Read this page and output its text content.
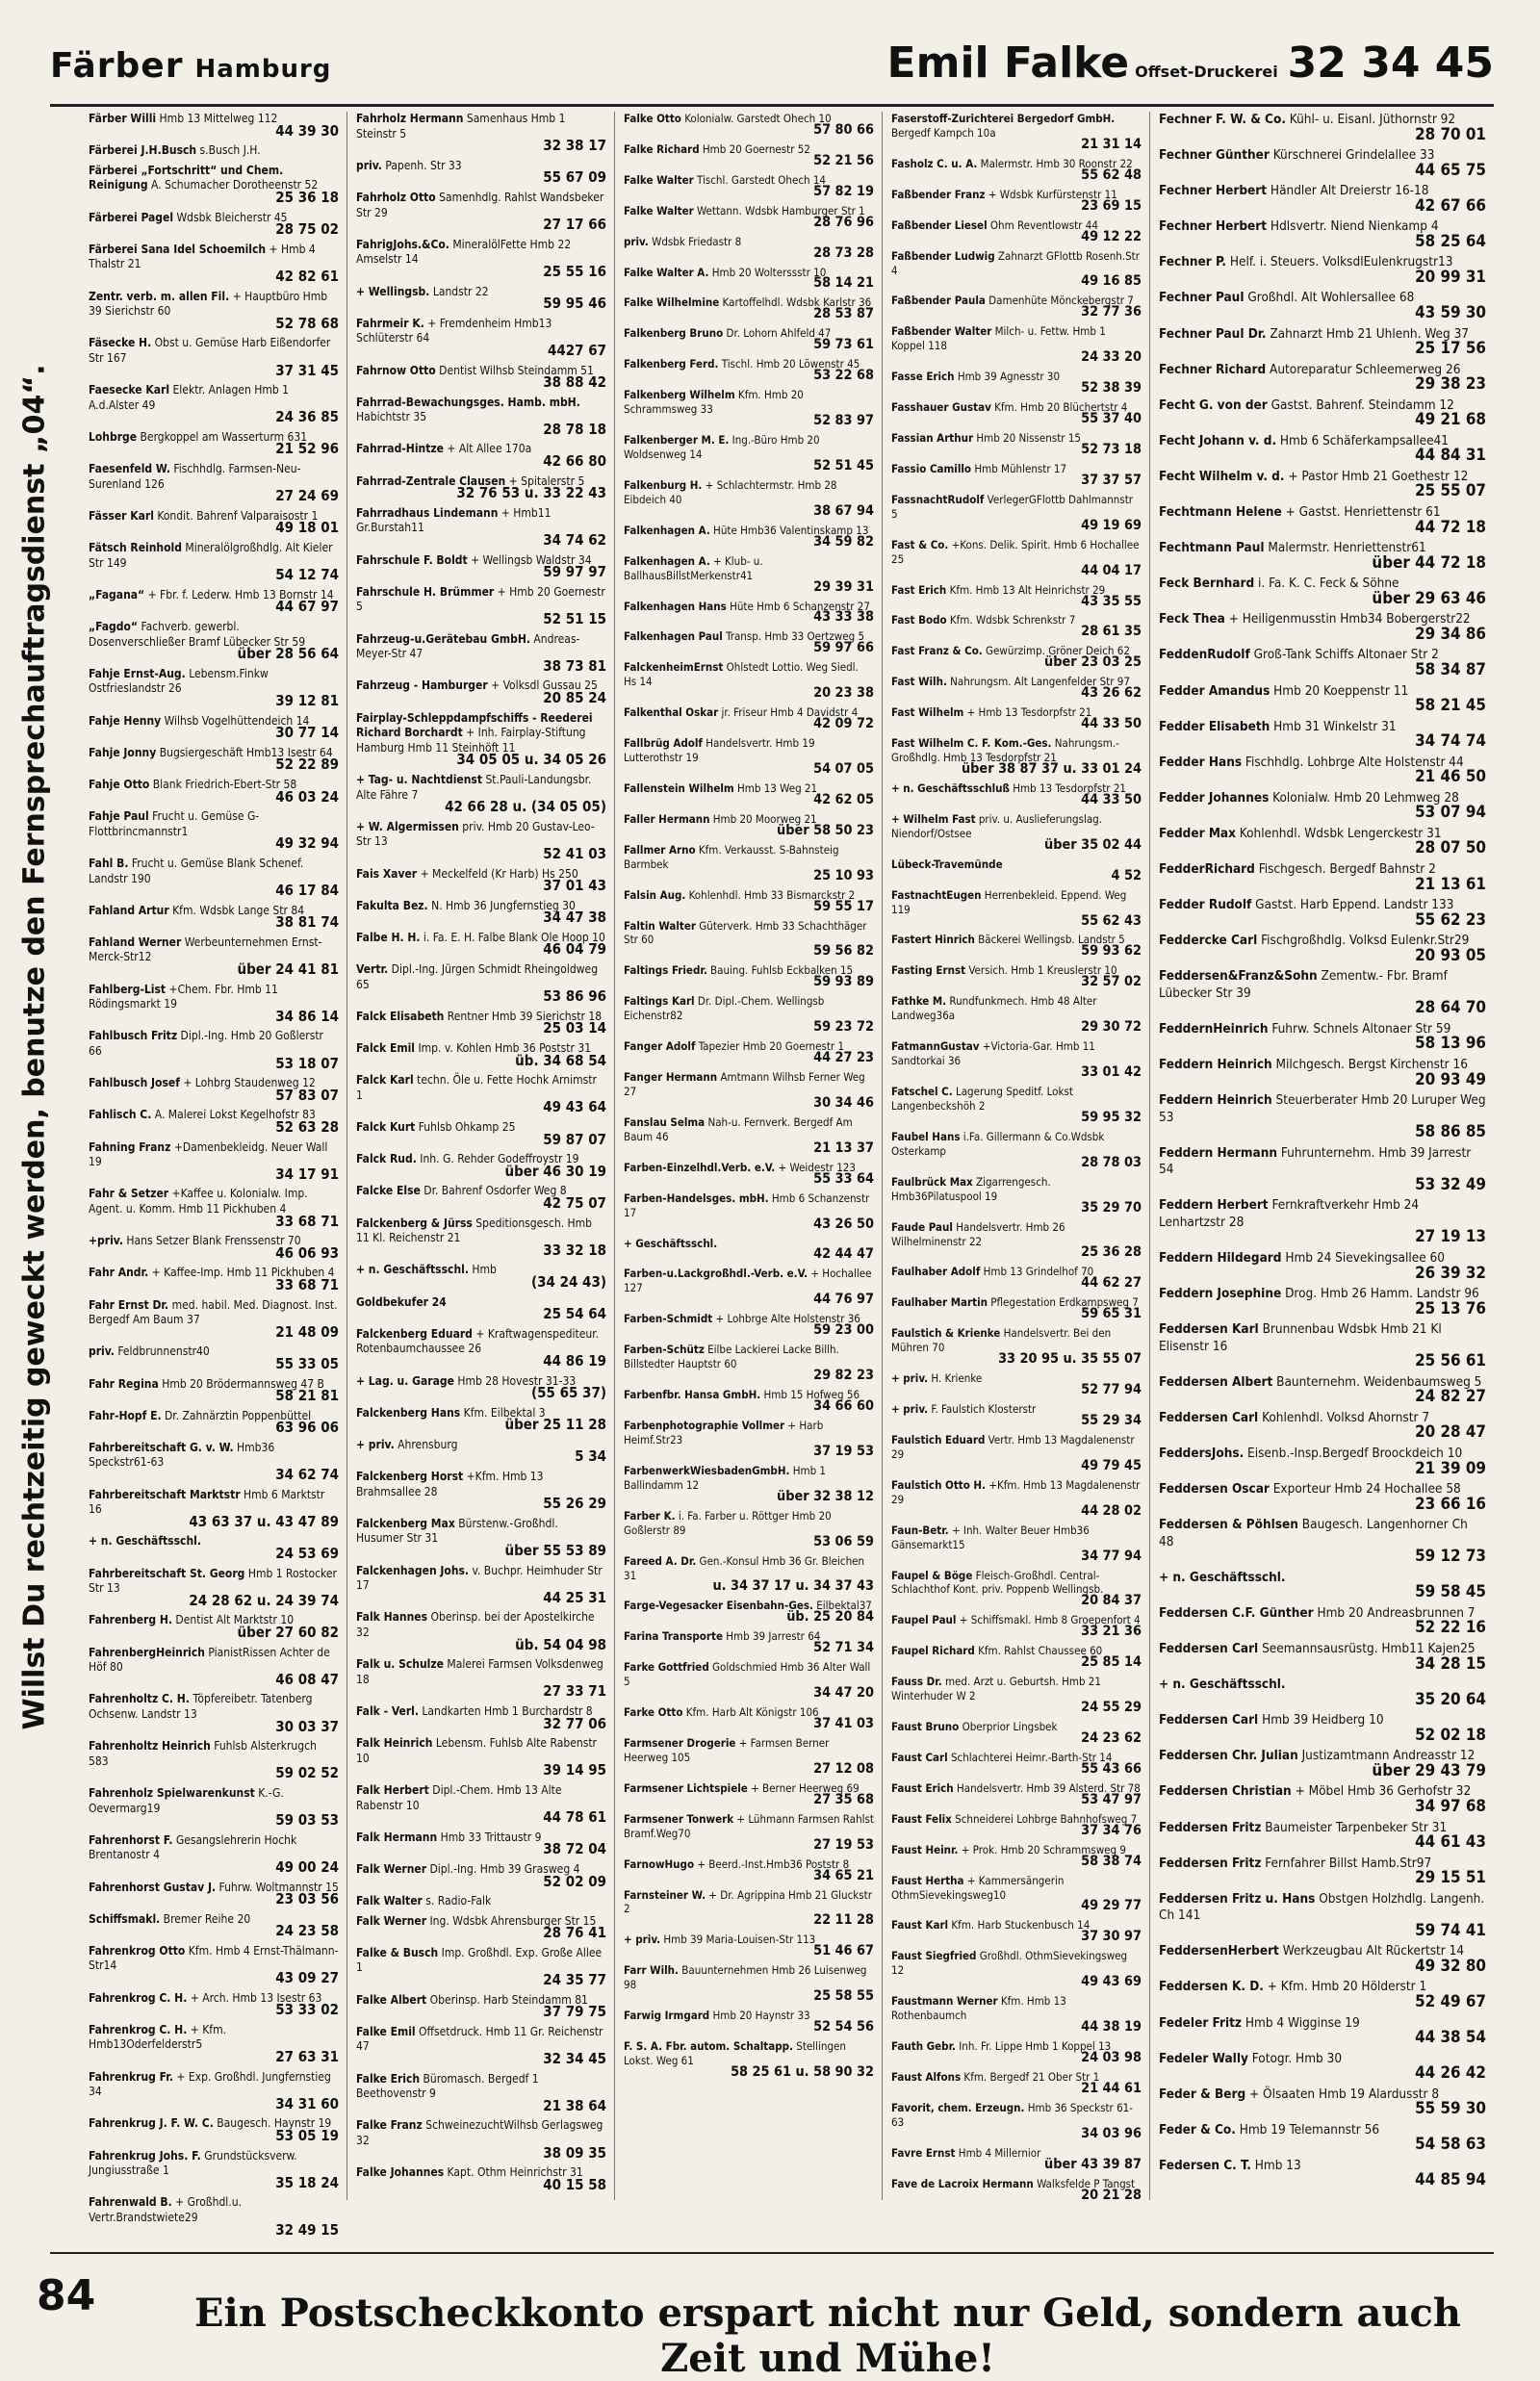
Färber Hamburg	Emil Falke Offset-Druckerei 32 34 45
Willst Du rechtzeitig geweckt werden, benutze den Fernsprechauftragsdienst „04“.
Färber Willi Hmb 13 Mittelweg 112

44 39 30
Färberei J.H.Busch s.Busch J.H.
Färberei „Fortschritt“ und Chem. Reinigung A. Schumacher Dorotheenstr 52

25 36 18
Färberei Pagel Wdsbk Bleicherstr 45

28 75 02
Färberei Sana Idel Schoemilch + Hmb 4 Thalstr 21

42 82 61
Zentr. verb. m. allen Fil. + Hauptbüro Hmb 39 Sierichstr 60

52 78 68
Fäsecke H. Obst u. Gemüse Harb Eißendorfer Str 167

37 31 45
Faesecke Karl Elektr. Anlagen Hmb 1 A.d.Alster 49

24 36 85
Lohbrge Bergkoppel am Wasserturm 631

21 52 96
Faesenfeld W. Fischhdlg. Farmsen-Neu-Surenland 126

27 24 69
Fässer Karl Kondit. Bahrenf Valparaisostr 1

49 18 01
Fätsch Reinhold Mineralölgroßhdlg. Alt Kieler Str 149

54 12 74
„Fagana“ + Fbr. f. Lederw. Hmb 13 Bornstr 14

44 67 97
„Fagdo“ Fachverb. gewerbl. Dosenverschließer Bramf Lübecker Str 59

über 28 56 64
Fahje Ernst-Aug. Lebensm.Finkw Ostfrieslandstr 26

39 12 81
Fahje Henny Wilhsb Vogelhüttendeich 14

30 77 14
Fahje Jonny Bugsiergeschäft Hmb13 Isestr 64

52 22 89
Fahje Otto Blank Friedrich-Ebert-Str 58

46 03 24
Fahje Paul Frucht u. Gemüse G-Flottbrincmannstr1

49 32 94
Fahl B. Frucht u. Gemüse Blank Schenef. Landstr 190

46 17 84
Fahland Artur Kfm. Wdsbk Lange Str 84

38 81 74
Fahland Werner Werbeunternehmen Ernst-Merck-Str12

über 24 41 81
Fahlberg-List +Chem. Fbr. Hmb 11 Rödingsmarkt 19

34 86 14
Fahlbusch Fritz Dipl.-Ing. Hmb 20 Goßlerstr 66

53 18 07
Fahlbusch Josef + Lohbrg Staudenweg 12

57 83 07
Fahlisch C. A. Malerei Lokst Kegelhofstr 83

52 63 28
Fahning Franz +Damenbekleidg. Neuer Wall 19

34 17 91
Fahr & Setzer +Kaffee u. Kolonialw. Imp. Agent. u. Komm. Hmb 11 Pickhuben 4

33 68 71
+priv. Hans Setzer Blank Frenssenstr 70

46 06 93
Fahr Andr. + Kaffee-Imp. Hmb 11 Pickhuben 4

33 68 71
Fahr Ernst Dr. med. habil. Med. Diagnost. Inst. Bergedf Am Baum 37

21 48 09
priv. Feldbrunnenstr40

55 33 05
Fahr Regina Hmb 20 Brödermannsweg 47 B

58 21 81
Fahr-Hopf E. Dr. Zahnärztin Poppenbüttel

63 96 06
Fahrbereitschaft G. v. W. Hmb36 Speckstr61-63

34 62 74
Fahrbereitschaft Marktstr Hmb 6 Marktstr 16

43 63 37 u. 43 47 89
+ n. Geschäftsschl.

24 53 69
Fahrbereitschaft St. Georg Hmb 1 Rostocker Str 13

24 28 62 u. 24 39 74
Fahrenberg H. Dentist Alt Marktstr 10

über 27 60 82
FahrenbergHeinrich PianistRissen Achter de Höf 80

46 08 47
Fahrenholtz C. H. Töpfereibetr. Tatenberg Ochsenw. Landstr 13

30 03 37
Fahrenholtz Heinrich Fuhlsb Alsterkrugch 583

59 02 52
Fahrenholz Spielwarenkunst K.-G. Oevermarg19

59 03 53
Fahrenhorst F. Gesangslehrerin Hochk Brentanostr 4

49 00 24
Fahrenhorst Gustav J. Fuhrw. Woltmannstr 15

23 03 56
Schiffsmakl. Bremer Reihe 20

24 23 58
Fahrenkrog Otto Kfm. Hmb 4 Ernst-Thälmann-Str14

43 09 27
Fahrenkrog C. H. + Arch. Hmb 13 Isestr 63

53 33 02
Fahrenkrog C. H. + Kfm. Hmb13Oderfelderstr5

27 63 31
Fahrenkrug Fr. + Exp. Großhdl. Jungfernstieg 34

34 31 60
Fahrenkrug J. F. W. C. Baugesch. Haynstr 19

53 05 19
Fahrenkrug Johs. F. Grundstücksverw. Jungiusstraße 1

35 18 24
Fahrenwald B. + Großhdl.u. Vertr.Brandstwiete29

32 49 15
Fahrholz Hermann Samenhaus Hmb 1 Steinstr 5

32 38 17
priv. Papenh. Str 33

55 67 09
Fahrholz Otto Samenhdlg. Rahlst Wandsbeker Str 29

27 17 66
FahrigJohs.&Co. MineralölFette Hmb 22 Amselstr 14

25 55 16
+ Wellingsb. Landstr 22

59 95 46
Fahrmeir K. + Fremdenheim Hmb13 Schlüterstr 64

4427 67
Fahrnow Otto Dentist Wilhsb Steindamm 51

38 88 42
Fahrrad-Bewachungsges. Hamb. mbH. Habichtstr 35

28 78 18
Fahrrad-Hintze + Alt Allee 170a

42 66 80
Fahrrad-Zentrale Clausen + Spitalerstr 5

32 76 53 u. 33 22 43
Fahrradhaus Lindemann + Hmb11 Gr.Burstah11

34 74 62
Fahrschule F. Boldt + Wellingsb Waldstr 34

59 97 97
Fahrschule H. Brümmer + Hmb 20 Goernestr 5

52 51 15
Fahrzeug-u.Gerätebau GmbH. Andreas-Meyer-Str 47

38 73 81
Fahrzeug - Hamburger + Volksdl Gussau 25

20 85 24
Fairplay-Schleppdampfschiffs - Reederei Richard Borchardt + Inh. Fairplay-Stiftung Hamburg Hmb 11 Steinhöft 11

34 05 05 u. 34 05 26
+ Tag- u. Nachtdienst St.Pauli-Landungsbr. Alte Fähre 7

42 66 28 u. (34 05 05)
+ W. Algermissen priv. Hmb 20 Gustav-Leo-Str 13

52 41 03
Fais Xaver + Meckelfeld (Kr Harb) Hs 250

37 01 43
Fakulta Bez. N. Hmb 36 Jungfernstieg 30

34 47 38
Falbe H. H. i. Fa. E. H. Falbe Blank Ole Hoop 10

46 04 79
Vertr. Dipl.-Ing. Jürgen Schmidt Rheingoldweg 65

53 86 96
Falck Elisabeth Rentner Hmb 39 Sierichstr 18

25 03 14
Falck Emil Imp. v. Kohlen Hmb 36 Poststr 31

üb. 34 68 54
Falck Karl techn. Öle u. Fette Hochk Arnimstr 1

49 43 64
Falck Kurt Fuhlsb Ohkamp 25

59 87 07
Falck Rud. Inh. G. Rehder Godeffroystr 19

über 46 30 19
Falcke Else Dr. Bahrenf Osdorfer Weg 8

42 75 07
Falckenberg & Jürss Speditionsgesch. Hmb 11 Kl. Reichenstr 21

33 32 18
+ n. Geschäftsschl. Hmb

(34 24 43)
Goldbekufer 24

25 54 64
Falckenberg Eduard + Kraftwagenspediteur. Rotenbaumchaussee 26

44 86 19
+ Lag. u. Garage Hmb 28 Hovestr 31-33

(55 65 37)
Falckenberg Hans Kfm. Eilbektal 3

über 25 11 28
+ priv. Ahrensburg

5 34
Falckenberg Horst +Kfm. Hmb 13 Brahmsallee 28

55 26 29
Falckenberg Max Bürstenw.-Großhdl. Husumer Str 31

über 55 53 89
Falckenhagen Johs. v. Buchpr. Heimhuder Str 17

44 25 31
Falk Hannes Oberinsp. bei der Apostelkirche 32

üb. 54 04 98
Falk u. Schulze Malerei Farmsen Volksdenweg 18

27 33 71
Falk - Verl. Landkarten Hmb 1 Burchardstr 8

32 77 06
Falk Heinrich Lebensm. Fuhlsb Alte Rabenstr 10

39 14 95
Falk Herbert Dipl.-Chem. Hmb 13 Alte Rabenstr 10

44 78 61
Falk Hermann Hmb 33 Trittaustr 9

38 72 04
Falk Werner Dipl.-Ing. Hmb 39 Grasweg 4

52 02 09
Falk Walter s. Radio-Falk
Falk Werner Ing. Wdsbk Ahrensburger Str 15

28 76 41
Falke & Busch Imp. Großhdl. Exp. Große Allee 1

24 35 77
Falke Albert Oberinsp. Harb Steindamm 81

37 79 75
Falke Emil Offsetdruck. Hmb 11 Gr. Reichenstr 47

32 34 45
Falke Erich Büromasch. Bergedf 1 Beethovenstr 9

21 38 64
Falke Franz SchweinezuchtWilhsb Gerlagsweg 32

38 09 35
Falke Johannes Kapt. Othm Heinrichstr 31

40 15 58
Falke Otto Kolonialw. Garstedt Ohech 10

57 80 66
Falke Richard Hmb 20 Goernestr 52

52 21 56
Falke Walter Tischl. Garstedt Ohech 14

57 82 19
Falke Walter Wettann. Wdsbk Hamburger Str 1

28 76 96
priv. Wdsbk Friedastr 8

28 73 28
Falke Walter A. Hmb 20 Wolterssstr 10

58 14 21
Falke Wilhelmine Kartoffelhdl. Wdsbk Karlstr 36

28 53 87
Falkenberg Bruno Dr. Lohorn Ahlfeld 47

59 73 61
Falkenberg Ferd. Tischl. Hmb 20 Löwenstr 45

53 22 68
Falkenberg Wilhelm Kfm. Hmb 20 Schrammsweg 33

52 83 97
Falkenberger M. E. Ing.-Büro Hmb 20 Woldsenweg 14

52 51 45
Falkenburg H. + Schlachtermstr. Hmb 28 Eibdeich 40

38 67 94
Falkenhagen A. Hüte Hmb36 Valentinskamp 13

34 59 82
Falkenhagen A. + Klub- u. BallhausBillstMerkenstr41

29 39 31
Falkenhagen Hans Hüte Hmb 6 Schanzenstr 27

43 33 38
Falkenhagen Paul Transp. Hmb 33 Oertzweg 5

59 97 66
FalckenheimErnst Ohlstedt Lottio. Weg Siedl. Hs 14

20 23 38
Falkenthal Oskar jr. Friseur Hmb 4 Davidstr 4

42 09 72
Fallbrüg Adolf Handelsvertr. Hmb 19 Lutterothstr 19

54 07 05
Fallenstein Wilhelm Hmb 13 Weg 21

42 62 05
Faller Hermann Hmb 20 Moorweg 21

über 58 50 23
Fallmer Arno Kfm. Verkausst. S-Bahnsteig Barmbek

25 10 93
Falsin Aug. Kohlenhdl. Hmb 33 Bismarckstr 2

59 55 17
Faltin Walter Güterverk. Hmb 33 Schachthäger Str 60

59 56 82
Faltings Friedr. Bauing. Fuhlsb Eckbalken 15

59 93 89
Faltings Karl Dr. Dipl.-Chem. Wellingsb Eichenstr82

59 23 72
Fanger Adolf Tapezier Hmb 20 Goernestr 1

44 27 23
Fanger Hermann Amtmann Wilhsb Ferner Weg 27

30 34 46
Fanslau Selma Nah-u. Fernverk. Bergedf Am Baum 46

21 13 37
Farben-Einzelhdl.Verb. e.V. + Weidestr 123

55 33 64
Farben-Handelsges. mbH. Hmb 6 Schanzenstr 17

43 26 50
+ Geschäftsschl.

42 44 47
Farben-u.Lackgroßhdl.-Verb. e.V. + Hochallee 127

44 76 97
Farben-Schmidt + Lohbrge Alte Holstenstr 36

59 23 00
Farben-Schütz Eilbe Lackierei Lacke Billh. Billstedter Hauptstr 60

29 82 23
Farbenfbr. Hansa GmbH. Hmb 15 Hofweg 56

34 66 60
Farbenphotographie Vollmer + Harb Heimf.Str23

37 19 53
FarbenwerkWiesbadenGmbH. Hmb 1 Ballindamm 12

über 32 38 12
Farber K. i. Fa. Farber u. Röttger Hmb 20 Goßlerstr 89

53 06 59
Fareed A. Dr. Gen.-Konsul Hmb 36 Gr. Bleichen 31

u. 34 37 17 u. 34 37 43
Farge-Vegesacker Eisenbahn-Ges. Eilbektal37

üb. 25 20 84
Farina Transporte Hmb 39 Jarrestr 64

52 71 34
Farke Gottfried Goldschmied Hmb 36 Alter Wall 5

34 47 20
Farke Otto Kfm. Harb Alt Königstr 106

37 41 03
Farmsener Drogerie + Farmsen Berner Heerweg 105

27 12 08
Farmsener Lichtspiele + Berner Heerweg 69

27 35 68
Farmsener Tonwerk + Lühmann Farmsen Rahlst Bramf.Weg70

27 19 53
FarnowHugo + Beerd.-Inst.Hmb36 Poststr 8

34 65 21
Farnsteiner W. + Dr. Agrippina Hmb 21 Gluckstr 2

22 11 28
+ priv. Hmb 39 Maria-Louisen-Str 113

51 46 67
Farr Wilh. Bauunternehmen Hmb 26 Luisenweg 98

25 58 55
Farwig Irmgard Hmb 20 Haynstr 33

52 54 56
F. S. A. Fbr. autom. Schaltapp. Stellingen Lokst. Weg 61

58 25 61 u. 58 90 32
Faserstoff-Zurichterei Bergedorf GmbH. Bergedf Kampch 10a

21 31 14
Fasholz C. u. A. Malermstr. Hmb 30 Roonstr 22

55 62 48
Faßbender Franz + Wdsbk Kurfürstenstr 11

23 69 15
Faßbender Liesel Ohm Reventlowstr 44

49 12 22
Faßbender Ludwig Zahnarzt GFlottb Rosenh.Str 4

49 16 85
Faßbender Paula Damenhüte Mönckebergstr 7

32 77 36
Faßbender Walter Milch- u. Fettw. Hmb 1 Koppel 118

24 33 20
Fasse Erich Hmb 39 Agnesstr 30

52 38 39
Fasshauer Gustav Kfm. Hmb 20 Blüchertstr 4

55 37 40
Fassian Arthur Hmb 20 Nissenstr 15

52 73 18
Fassio Camillo Hmb Mühlenstr 17

37 37 57
FassnachtRudolf VerlegerGFlottb Dahlmannstr 5

49 19 69
Fast & Co. +Kons. Delik. Spirit. Hmb 6 Hochallee 25

44 04 17
Fast Erich Kfm. Hmb 13 Alt Heinrichstr 29

43 35 55
Fast Bodo Kfm. Wdsbk Schrenkstr 7

28 61 35
Fast Franz & Co. Gewürzimp. Gröner Deich 62

über 23 03 25
Fast Wilh. Nahrungsm. Alt Langenfelder Str 97

43 26 62
Fast Wilhelm + Hmb 13 Tesdorpfstr 21

44 33 50
Fast Wilhelm C. F. Kom.-Ges. Nahrungsm.-Großhdlg. Hmb 13 Tesdorpfstr 21

über 38 87 37 u. 33 01 24
+ n. Geschäftsschluß Hmb 13 Tesdorpfstr 21

44 33 50
+ Wilhelm Fast priv. u. Auslieferungslag. Niendorf/Ostsee

über 35 02 44
Lübeck-Travemünde

4 52
FastnachtEugen Herrenbekleid. Eppend. Weg 119

55 62 43
Fastert Hinrich Bäckerei Wellingsb. Landstr 5

59 93 62
Fasting Ernst Versich. Hmb 1 Kreuslerstr 10

32 57 02
Fathke M. Rundfunkmech. Hmb 48 Alter Landweg36a

29 30 72
FatmannGustav +Victoria-Gar. Hmb 11 Sandtorkai 36

33 01 42
Fatschel C. Lagerung Speditf. Lokst Langenbeckshöh 2

59 95 32
Faubel Hans i.Fa. Gillermann & Co.Wdsbk Osterkamp

28 78 03
Faulbrück Max Zigarrengesch. Hmb36Pilatuspool 19

35 29 70
Faude Paul Handelsvertr. Hmb 26 Wilhelminenstr 22

25 36 28
Faulhaber Adolf Hmb 13 Grindelhof 70

44 62 27
Faulhaber Martin Pflegestation Erdkampsweg 7

59 65 31
Faulstich & Krienke Handelsvertr. Bei den Mühren 70

33 20 95 u. 35 55 07
+ priv. H. Krienke

52 77 94
+ priv. F. Faulstich Klosterstr

55 29 34
Faulstich Eduard Vertr. Hmb 13 Magdalenenstr 29

49 79 45
Faulstich Otto H. +Kfm. Hmb 13 Magdalenenstr 29

44 28 02
Faun-Betr. + Inh. Walter Beuer Hmb36 Gänsemarkt15

34 77 94
Faupel & Böge Fleisch-Großhdl. Central-Schlachthof Kont. priv. Poppenb Wellingsb.

20 84 37
Faupel Paul + Schiffsmakl. Hmb 8 Groepenfort 4

33 21 36
Faupel Richard Kfm. Rahlst Chaussee 60

25 85 14
Fauss Dr. med. Arzt u. Geburtsh. Hmb 21 Winterhuder W 2

24 55 29
Faust Bruno Oberprior Lingsbek

24 23 62
Faust Carl Schlachterei Heimr.-Barth-Str 14

55 43 66
Faust Erich Handelsvertr. Hmb 39 Alsterd. Str 78

53 47 97
Faust Felix Schneiderei Lohbrge Bahnhofsweg 7

37 34 76
Faust Heinr. + Prok. Hmb 20 Schrammsweg 9

58 38 74
Faust Hertha + Kammersängerin OthmSievekingsweg10

49 29 77
Faust Karl Kfm. Harb Stuckenbusch 14

37 30 97
Faust Siegfried Großhdl. OthmSievekingsweg 12

49 43 69
Faustmann Werner Kfm. Hmb 13 Rothenbaumch

44 38 19
Fauth Gebr. Inh. Fr. Lippe Hmb 1 Koppel 13

24 03 98
Faust Alfons Kfm. Bergedf 21 Ober Str 1

21 44 61
Favorit, chem. Erzeugn. Hmb 36 Speckstr 61-63

34 03 96
Favre Ernst Hmb 4 Millernior

über 43 39 87
Fave de Lacroix Hermann Walksfelde P Tangst

20 21 28
Fechner F. W. & Co. Kühl- u. Eisanl. Jüthornstr 92

28 70 01
Fechner Günther Kürschnerei Grindelallee 33

44 65 75
Fechner Herbert Händler Alt Dreierstr 16-18

42 67 66
Fechner Herbert Hdlsvertr. Niend Nienkamp 4

58 25 64
Fechner P. Helf. i. Steuers. VolksdlEulenkrugstr13

20 99 31
Fechner Paul Großhdl. Alt Wohlersallee 68

43 59 30
Fechner Paul Dr. Zahnarzt Hmb 21 Uhlenh. Weg 37

25 17 56
Fechner Richard Autoreparatur Schleemerweg 26

29 38 23
Fecht G. von der Gastst. Bahrenf. Steindamm 12

49 21 68
Fecht Johann v. d. Hmb 6 Schäferkampsallee41

44 84 31
Fecht Wilhelm v. d. + Pastor Hmb 21 Goethestr 12

25 55 07
Fechtmann Helene + Gastst. Henriettenstr 61

44 72 18
Fechtmann Paul Malermstr. Henriettenstr61

über 44 72 18
Feck Bernhard i. Fa. K. C. Feck & Söhne

über 29 63 46
Feck Thea + Heiligenmusstin Hmb34 Bobergerstr22

29 34 86
FeddenRudolf Groß-Tank Schiffs Altonaer Str 2

58 34 87
Fedder Amandus Hmb 20 Koeppenstr 11

58 21 45
Fedder Elisabeth Hmb 31 Winkelstr 31

34 74 74
Fedder Hans Fischhdlg. Lohbrge Alte Holstenstr 44

21 46 50
Fedder Johannes Kolonialw. Hmb 20 Lehmweg 28

53 07 94
Fedder Max Kohlenhdl. Wdsbk Lengerckestr 31

28 07 50
FedderRichard Fischgesch. Bergedf Bahnstr 2

21 13 61
Fedder Rudolf Gastst. Harb Eppend. Landstr 133

55 62 23
Feddercke Carl Fischgroßhdlg. Volksd Eulenkr.Str29

20 93 05
Feddersen&Franz&Sohn Zementw.- Fbr. Bramf Lübecker Str 39

28 64 70
FeddernHeinrich Fuhrw. Schnels Altonaer Str 59

58 13 96
Feddern Heinrich Milchgesch. Bergst Kirchenstr 16

20 93 49
Feddern Heinrich Steuerberater Hmb 20 Luruper Weg 53

58 86 85
Feddern Hermann Fuhrunternehm. Hmb 39 Jarrestr 54

53 32 49
Feddern Herbert Fernkraftverkehr Hmb 24 Lenhartzstr 28

27 19 13
Feddern Hildegard Hmb 24 Sievekingsallee 60

26 39 32
Feddern Josephine Drog. Hmb 26 Hamm. Landstr 96

25 13 76
Feddersen Karl Brunnenbau Wdsbk Hmb 21 Kl Elisenstr 16

25 56 61
Feddersen Albert Baunternehm. Weidenbaumsweg 5

24 82 27
Feddersen Carl Kohlenhdl. Volksd Ahornstr 7

20 28 47
FeddersJohs. Eisenb.-Insp.Bergedf Broockdeich 10

21 39 09
Feddersen Oscar Exporteur Hmb 24 Hochallee 58

23 66 16
Feddersen & Pöhlsen Baugesch. Langenhorner Ch 48

59 12 73
+ n. Geschäftsschl.

59 58 45
Feddersen C.F. Günther Hmb 20 Andreasbrunnen 7

52 22 16
Feddersen Carl Seemannsausrüstg. Hmb11 Kajen25

34 28 15
+ n. Geschäftsschl.

35 20 64
Feddersen Carl Hmb 39 Heidberg 10

52 02 18
Feddersen Chr. Julian Justizamtmann Andreasstr 12

über 29 43 79
Feddersen Christian + Möbel Hmb 36 Gerhofstr 32

34 97 68
Feddersen Fritz Baumeister Tarpenbeker Str 31

44 61 43
Feddersen Fritz Fernfahrer Billst Hamb.Str97

29 15 51
Feddersen Fritz u. Hans Obstgen Holzhdlg. Langenh. Ch 141

59 74 41
FeddersenHerbert Werkzeugbau Alt Rückertstr 14

49 32 80
Feddersen K. D. + Kfm. Hmb 20 Hölderstr 1

52 49 67
Fedeler Fritz Hmb 4 Wigginse 19

44 38 54
Fedeler Wally Fotogr. Hmb 30

44 26 42
Feder & Berg + Ölsaaten Hmb 19 Alardusstr 8

55 59 30
Feder & Co. Hmb 19 Telemannstr 56

54 58 63
Federsen C. T. Hmb 13

44 85 94
84	Ein Postscheckkonto erspart nicht nur Geld, sondern auch Zeit und Mühe!
